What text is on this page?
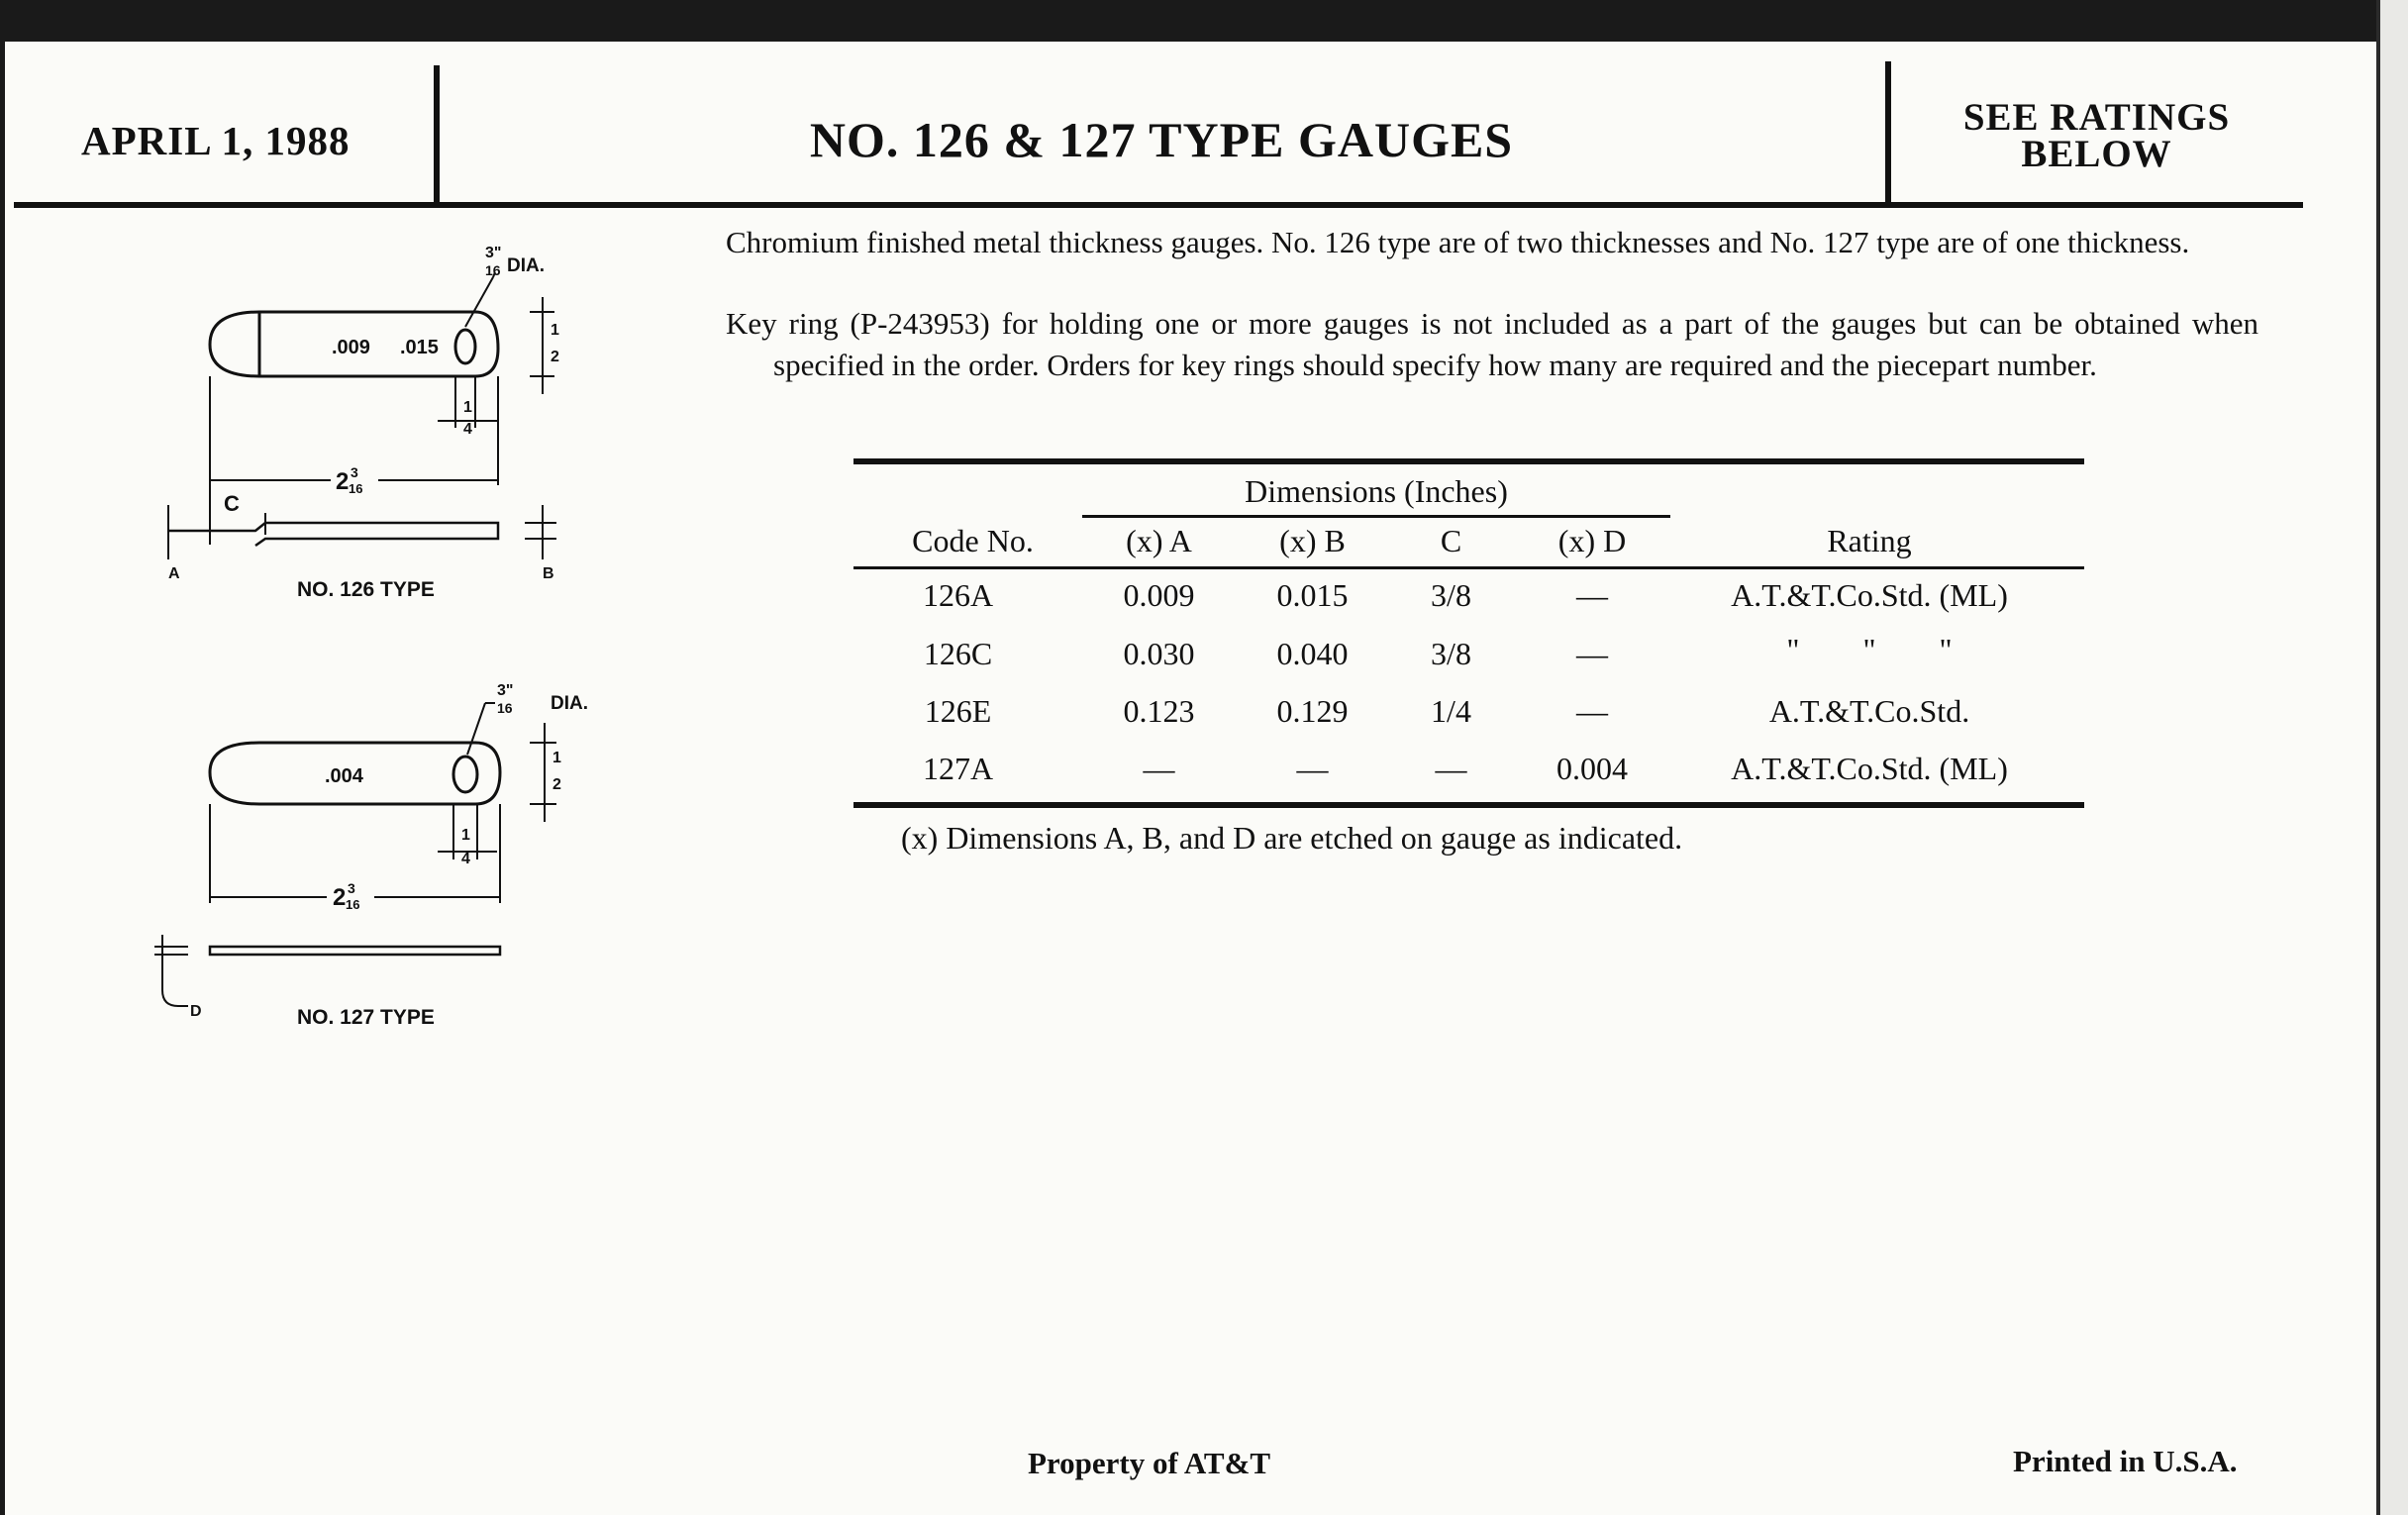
APRIL 1, 1988	NO. 126 & 127 TYPE GAUGES	SEE RATINGS
BELOW
Chromium finished metal thickness gauges. No. 126 type are of two thicknesses and No. 127 type are of one thickness.
Key ring (P-243953) for holding one or more gauges is not included as a part of the gauges but can be obtained when specified in the order. Orders for key rings should specify how many are required and the piecepart number.
3"
16 DIA.
.009 .015
1
2
1
4
2 3
16
C
A	B
NO. 126 TYPE
3"
16 DIA.
.004
1
2
1
4
2 3
16
D	NO. 127 TYPE
Dimensions (Inches)
Code No.	(x) A	(x) B	C	(x) D	Rating
126A	0.009	0.015	3/8	—	A.T.&T.Co.Std. (ML)
126C	0.030	0.040	3/8	—	"        "        "
126E	0.123	0.129	1/4	—	A.T.&T.Co.Std.
127A	—	—	—	0.004	A.T.&T.Co.Std. (ML)
(x) Dimensions A, B, and D are etched on gauge as indicated.
Property of AT&T	Printed in U.S.A.
